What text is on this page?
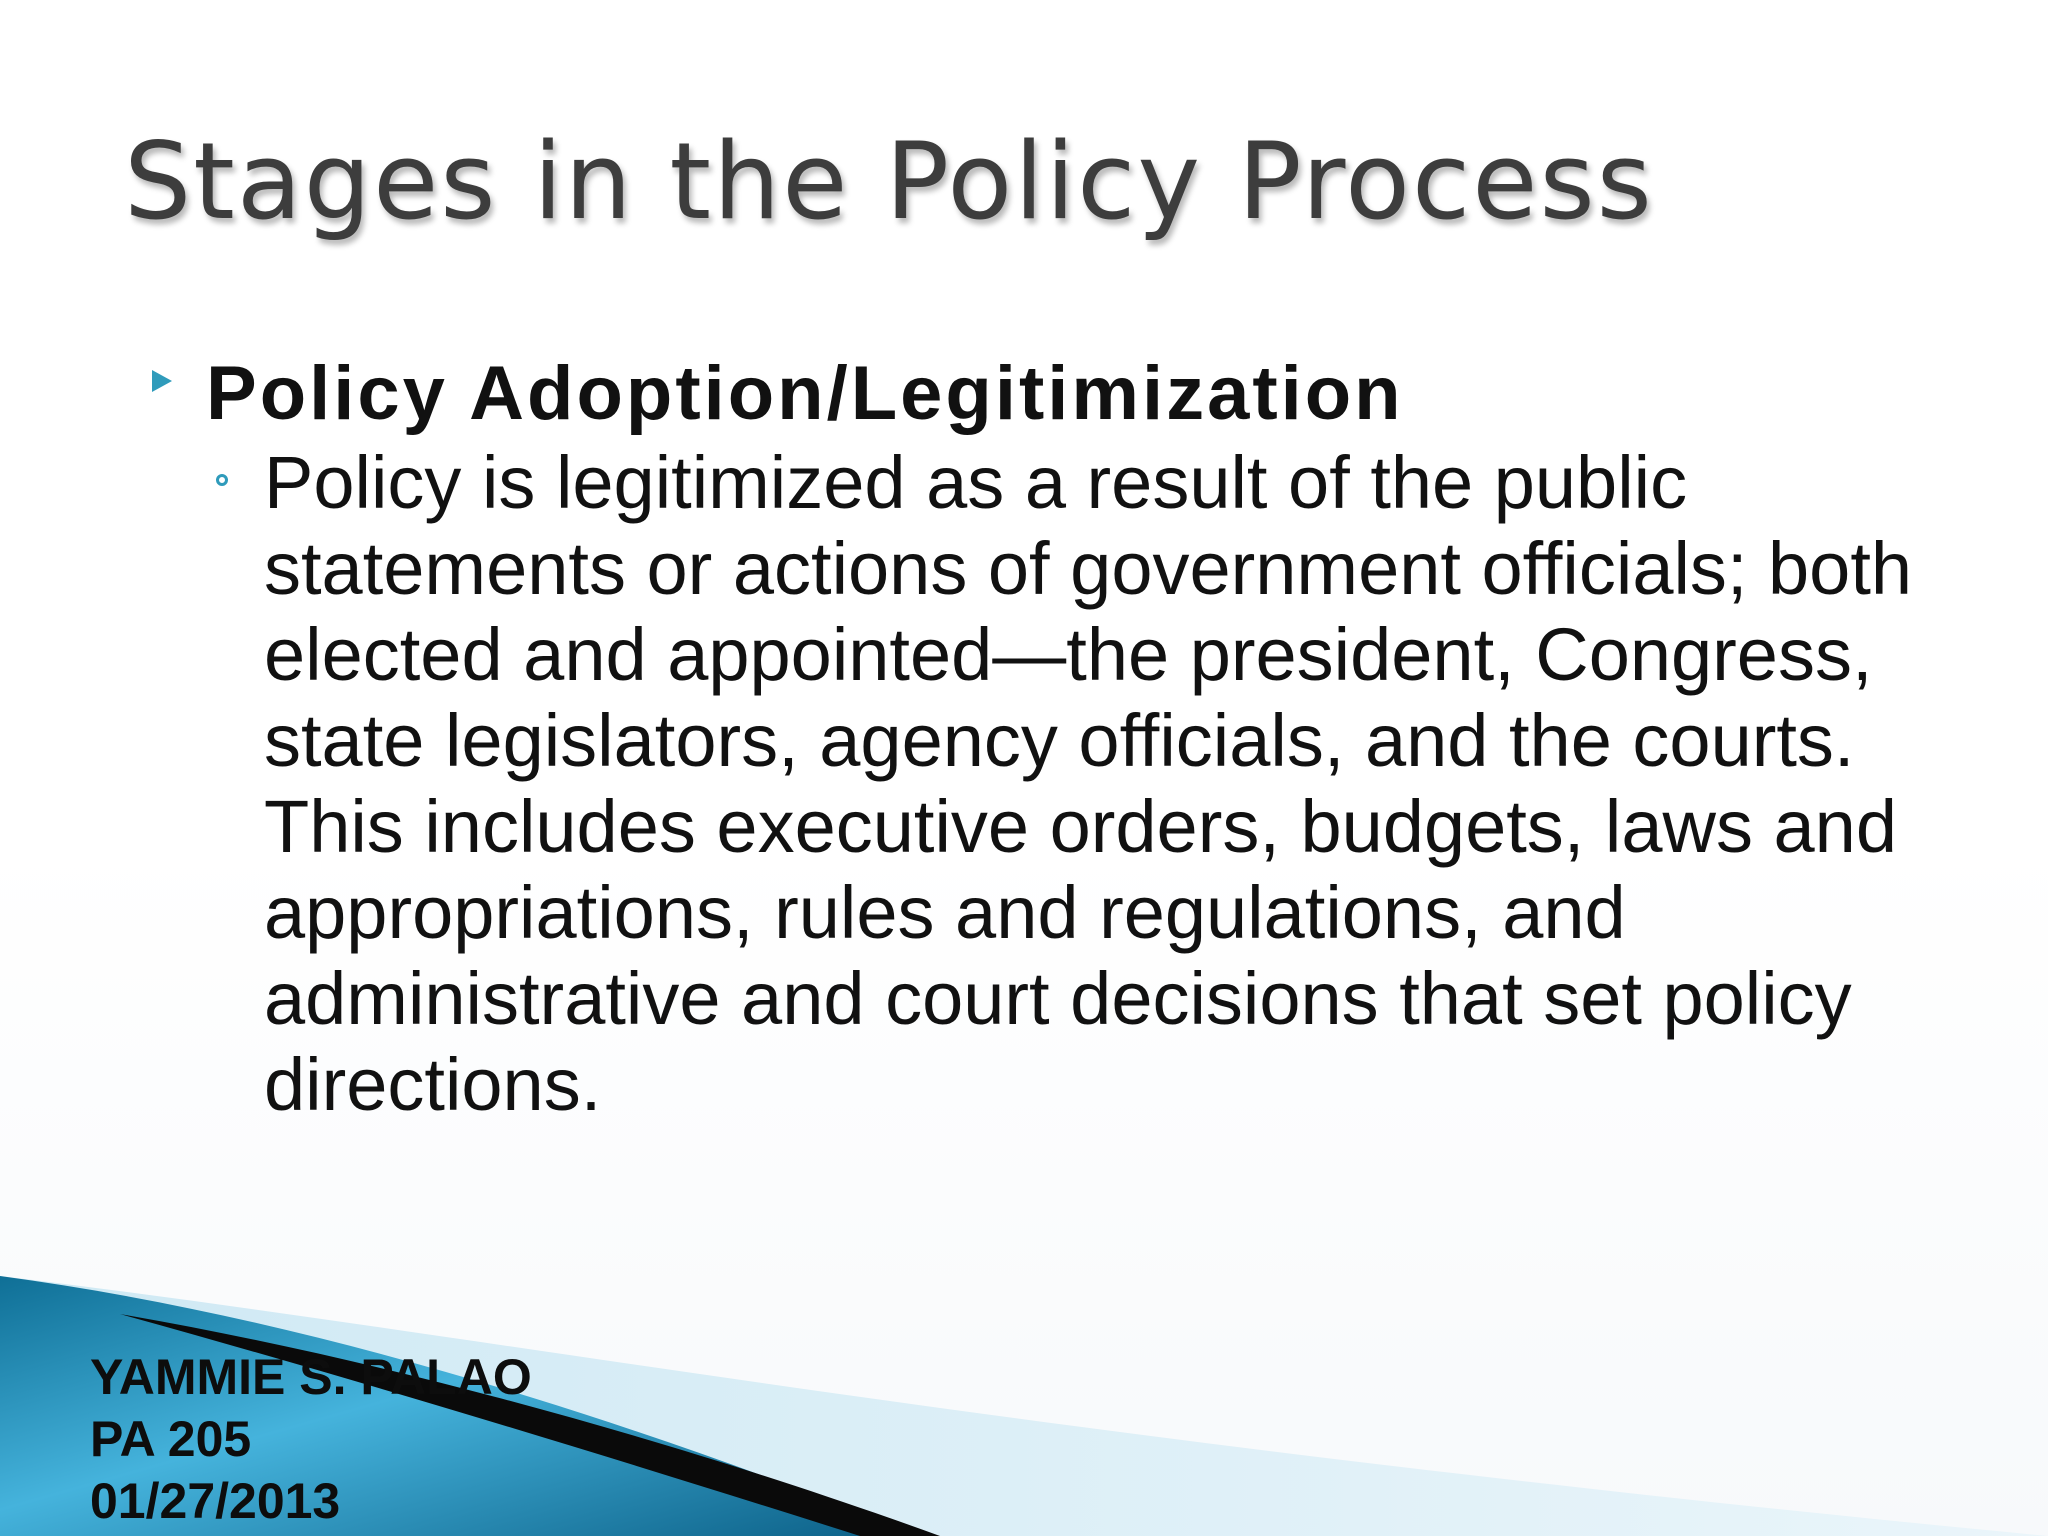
Stages in the Policy Process
Policy Adoption/Legitimization
Policy is legitimized as a result of the public statements or actions of government officials; both elected and appointed—the president, Congress, state legislators, agency officials, and the courts. This includes executive orders, budgets, laws and appropriations, rules and regulations, and administrative and court decisions that set policy directions.
YAMMIE S. PALAO
PA 205
01/27/2013
